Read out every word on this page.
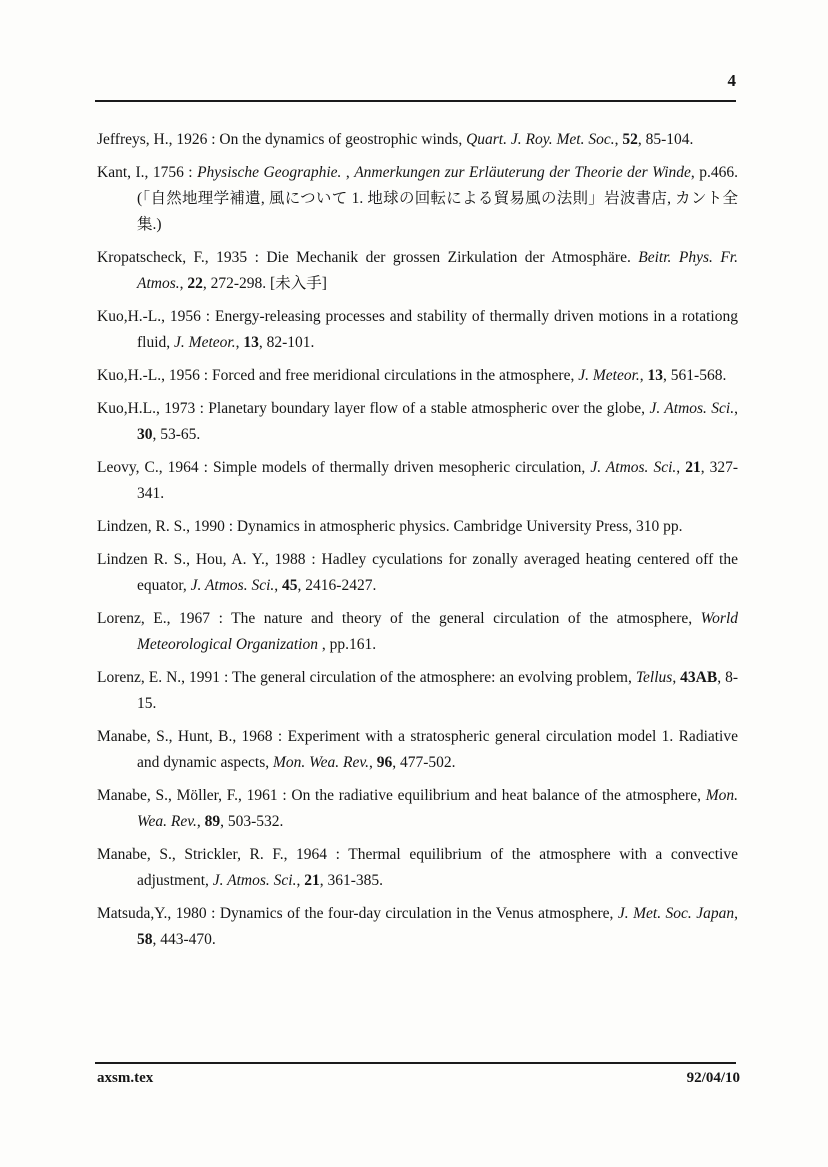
4

Jeffreys, H., 1926 : On the dynamics of geostrophic winds, Quart. J. Roy. Met. Soc., 52, 85-104.

Kant, I., 1756 : Physische Geographie. , Anmerkungen zur Erläuterung der Theorie der Winde, p.466. (「自然地理学補遺, 風について 1. 地球の回転による貿易風の法則」岩波書店, カント全集.)

Kropatscheck, F., 1935 : Die Mechanik der grossen Zirkulation der Atmosphäre. Beitr. Phys. Fr. Atmos., 22, 272-298. [未入手]

Kuo,H.-L., 1956 : Energy-releasing processes and stability of thermally driven motions in a rotationg fluid, J. Meteor., 13, 82-101.

Kuo,H.-L., 1956 : Forced and free meridional circulations in the atmosphere, J. Meteor., 13, 561-568.

Kuo,H.L., 1973 : Planetary boundary layer flow of a stable atmospheric over the globe, J. Atmos. Sci., 30, 53-65.

Leovy, C., 1964 : Simple models of thermally driven mesopheric circulation, J. Atmos. Sci., 21, 327-341.

Lindzen, R. S., 1990 : Dynamics in atmospheric physics. Cambridge University Press, 310 pp.

Lindzen R. S., Hou, A. Y., 1988 : Hadley cyculations for zonally averaged heating centered off the equator, J. Atmos. Sci., 45, 2416-2427.

Lorenz, E., 1967 : The nature and theory of the general circulation of the atmosphere, World Meteorological Organization , pp.161.

Lorenz, E. N., 1991 : The general circulation of the atmosphere: an evolving problem, Tellus, 43AB, 8-15.

Manabe, S., Hunt, B., 1968 : Experiment with a stratospheric general circulation model 1. Radiative and dynamic aspects, Mon. Wea. Rev., 96, 477-502.

Manabe, S., Möller, F., 1961 : On the radiative equilibrium and heat balance of the atmosphere, Mon. Wea. Rev., 89, 503-532.

Manabe, S., Strickler, R. F., 1964 : Thermal equilibrium of the atmosphere with a convective adjustment, J. Atmos. Sci., 21, 361-385.

Matsuda,Y., 1980 : Dynamics of the four-day circulation in the Venus atmosphere, J. Met. Soc. Japan, 58, 443-470.

axsm.tex	92/04/10
